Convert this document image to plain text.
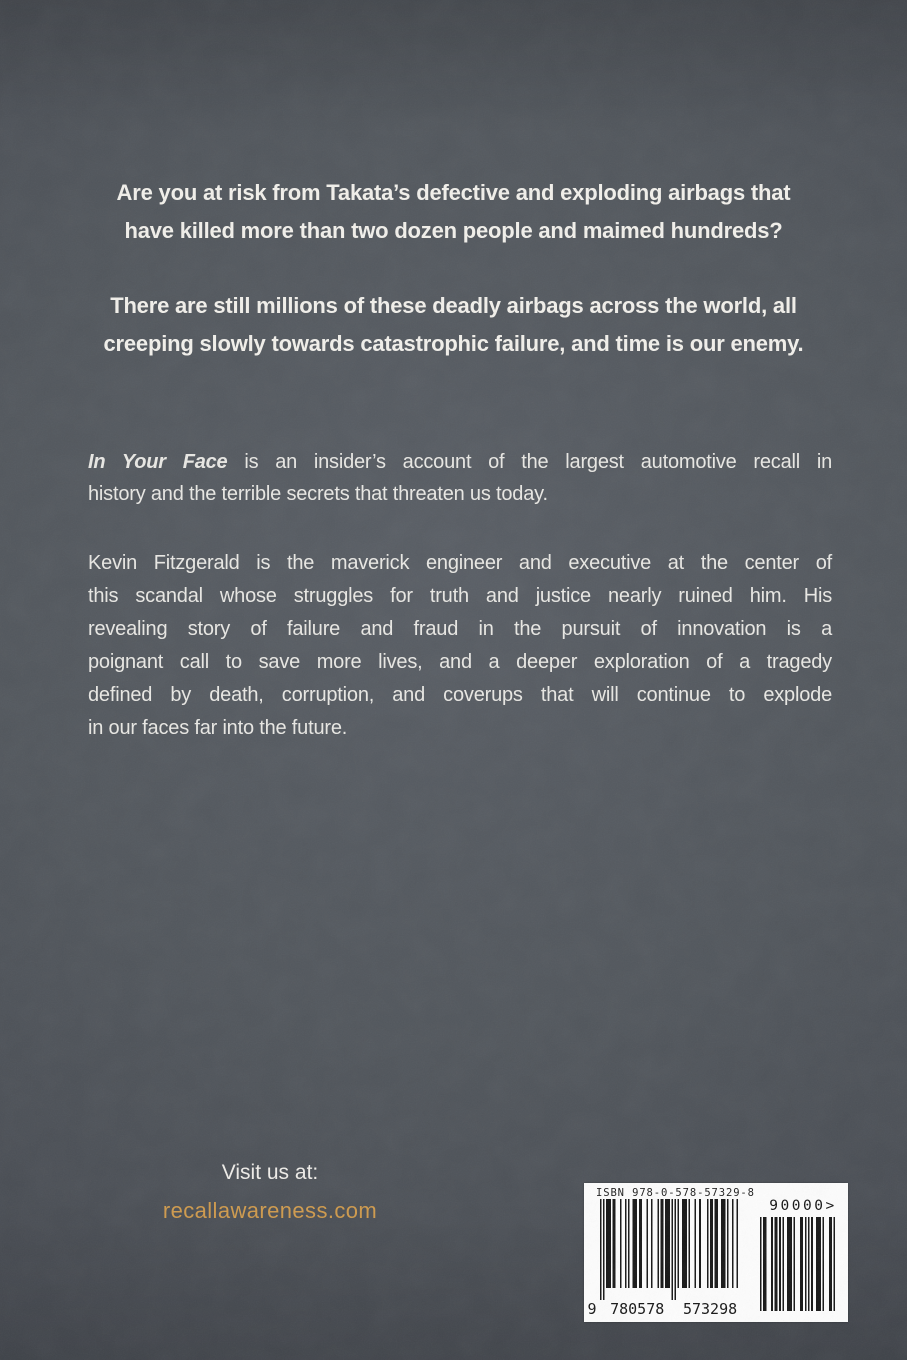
Are you at risk from Takata’s defective and exploding airbags that
have killed more than two dozen people and maimed hundreds?
There are still millions of these deadly airbags across the world, all
creeping slowly towards catastrophic failure, and time is our enemy.
In Your Face is an insider’s account of the largest automotive recall in
history and the terrible secrets that threaten us today.
Kevin Fitzgerald is the maverick engineer and executive at the center of
this scandal whose struggles for truth and justice nearly ruined him. His
revealing story of failure and fraud in the pursuit of innovation is a
poignant call to save more lives, and a deeper exploration of a tragedy
defined by death, corruption, and coverups that will continue to explode
in our faces far into the future.
Visit us at:
recallawareness.com
ISBN 978-0-578-57329-8
9 780578 573298
90000>
